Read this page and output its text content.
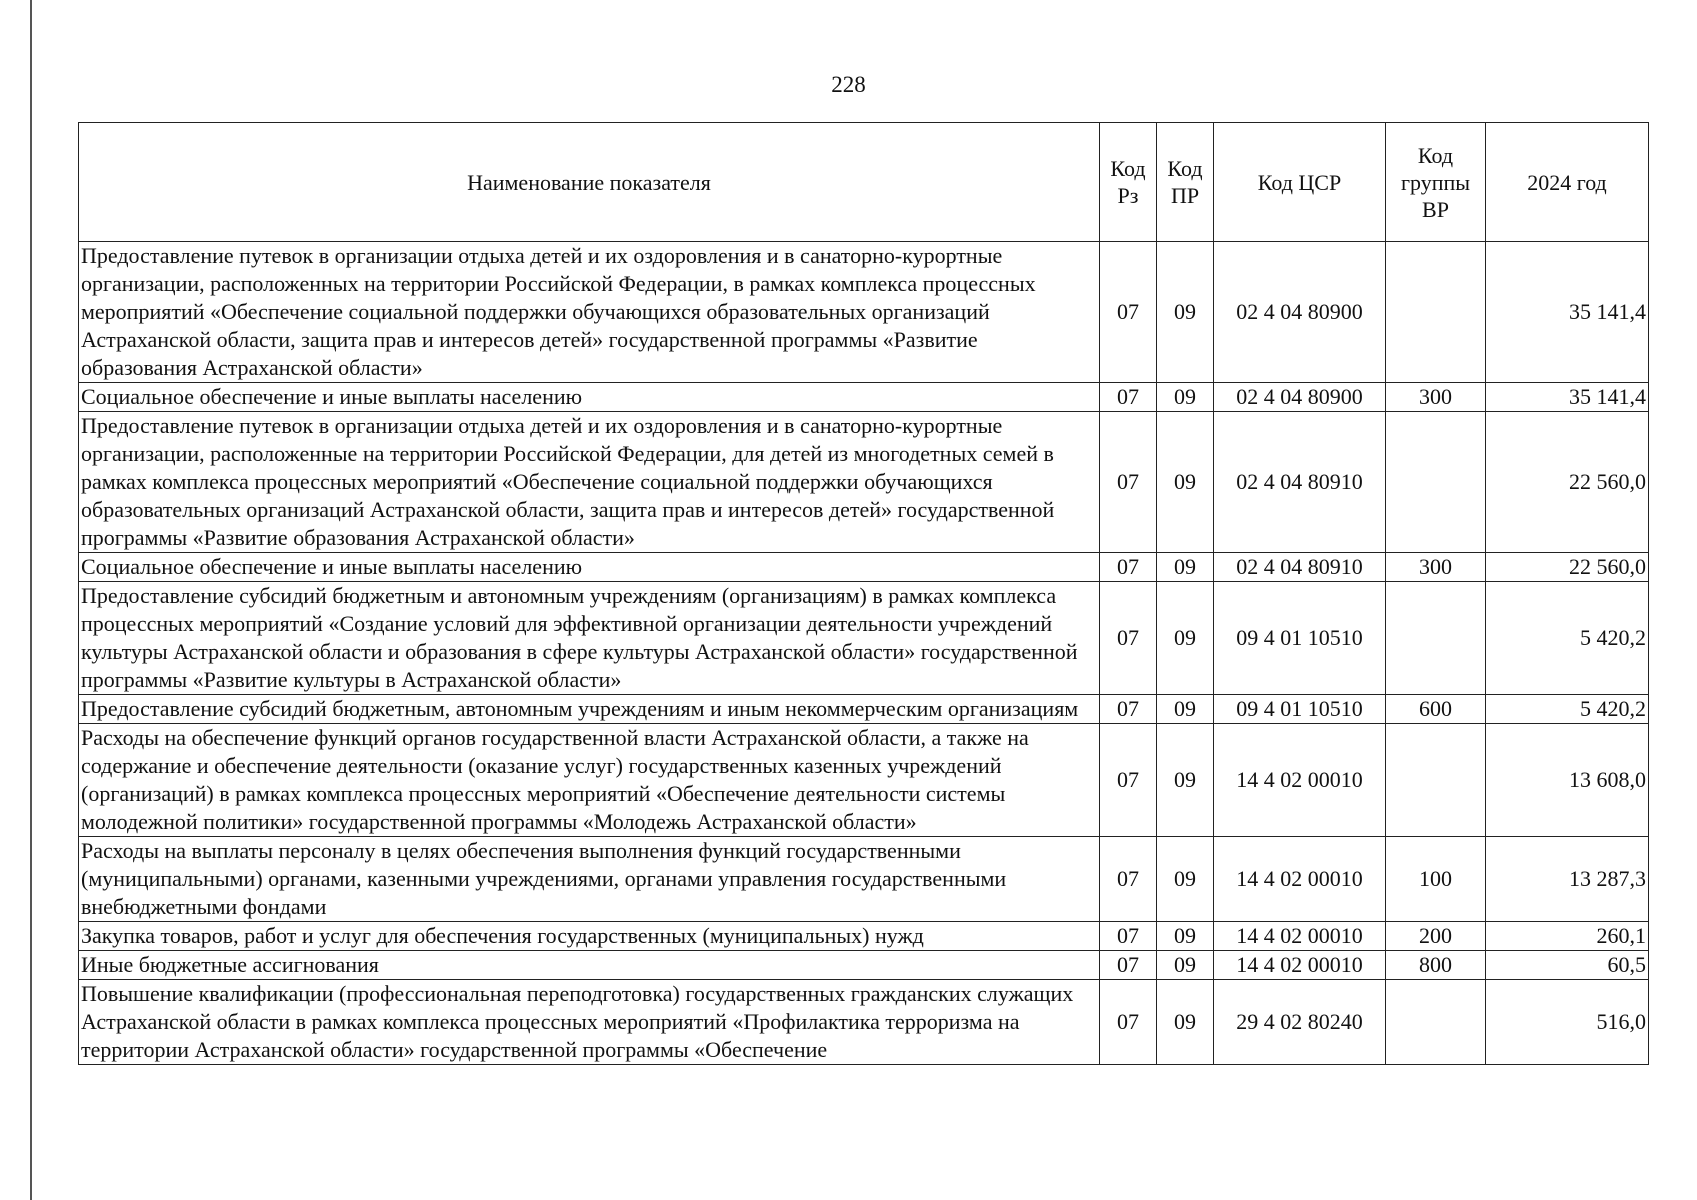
228
Наименование показателя	Код Рз	Код ПР	Код ЦСР	Код группы ВР	2024 год
Предоставление путевок в организации отдыха детей и их оздоровления и в санаторно-курортные организации, расположенных на территории Российской Федерации, в рамках комплекса процессных мероприятий «Обеспечение социальной поддержки обучающихся образовательных организаций Астраханской области, защита прав и интересов детей» государственной программы «Развитие образования Астраханской области»	07	09	02 4 04 80900		35 141,4
Социальное обеспечение и иные выплаты населению	07	09	02 4 04 80900	300	35 141,4
Предоставление путевок в организации отдыха детей и их оздоровления и в санаторно-курортные организации, расположенные на территории Российской Федерации, для детей из многодетных семей в рамках комплекса процессных мероприятий «Обеспечение социальной поддержки обучающихся образовательных организаций Астраханской области, защита прав и интересов детей» государственной программы «Развитие образования Астраханской области»	07	09	02 4 04 80910		22 560,0
Социальное обеспечение и иные выплаты населению	07	09	02 4 04 80910	300	22 560,0
Предоставление субсидий бюджетным и автономным учреждениям (организациям) в рамках комплекса процессных мероприятий «Создание условий для эффективной организации деятельности учреждений культуры Астраханской области и образования в сфере культуры Астраханской области» государственной программы «Развитие культуры в Астраханской области»	07	09	09 4 01 10510		5 420,2
Предоставление субсидий бюджетным, автономным учреждениям и иным некоммерческим организациям	07	09	09 4 01 10510	600	5 420,2
Расходы на обеспечение функций органов государственной власти Астраханской области, а также на содержание и обеспечение деятельности (оказание услуг) государственных казенных учреждений (организаций) в рамках комплекса процессных мероприятий «Обеспечение деятельности системы молодежной политики» государственной программы «Молодежь Астраханской области»	07	09	14 4 02 00010		13 608,0
Расходы на выплаты персоналу в целях обеспечения выполнения функций государственными (муниципальными) органами, казенными учреждениями, органами управления государственными внебюджетными фондами	07	09	14 4 02 00010	100	13 287,3
Закупка товаров, работ и услуг для обеспечения государственных (муниципальных) нужд	07	09	14 4 02 00010	200	260,1
Иные бюджетные ассигнования	07	09	14 4 02 00010	800	60,5
Повышение квалификации (профессиональная переподготовка) государственных гражданских служащих Астраханской области в рамках комплекса процессных мероприятий «Профилактика терроризма на территории Астраханской области» государственной программы «Обеспечение	07	09	29 4 02 80240		516,0
